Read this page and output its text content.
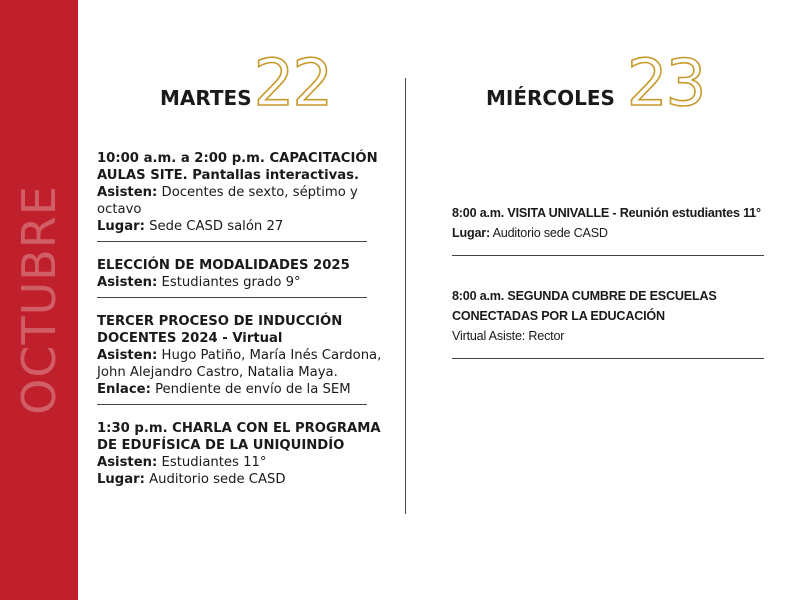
OCTUBRE
MARTES 22	MIÉRCOLES 23
10:00 a.m. a 2:00 p.m. CAPACITACIÓN AULAS SITE. Pantallas interactivas.
Asisten: Docentes de sexto, séptimo y octavo
Lugar: Sede CASD salón 27
ELECCIÓN DE MODALIDADES 2025
Asisten: Estudiantes grado 9°
TERCER PROCESO DE INDUCCIÓN DOCENTES 2024 - Virtual
Asisten: Hugo Patiño, María Inés Cardona, John Alejandro Castro, Natalia Maya.
Enlace: Pendiente de envío de la SEM
1:30 p.m. CHARLA CON EL PROGRAMA DE EDUFÍSICA DE LA UNIQUINDÍO
Asisten: Estudiantes 11°
Lugar: Auditorio sede CASD
8:00 a.m. VISITA UNIVALLE - Reunión estudiantes 11°
Lugar: Auditorio sede CASD
8:00 a.m. SEGUNDA CUMBRE DE ESCUELAS CONECTADAS POR LA EDUCACIÓN
Virtual Asiste: Rector
